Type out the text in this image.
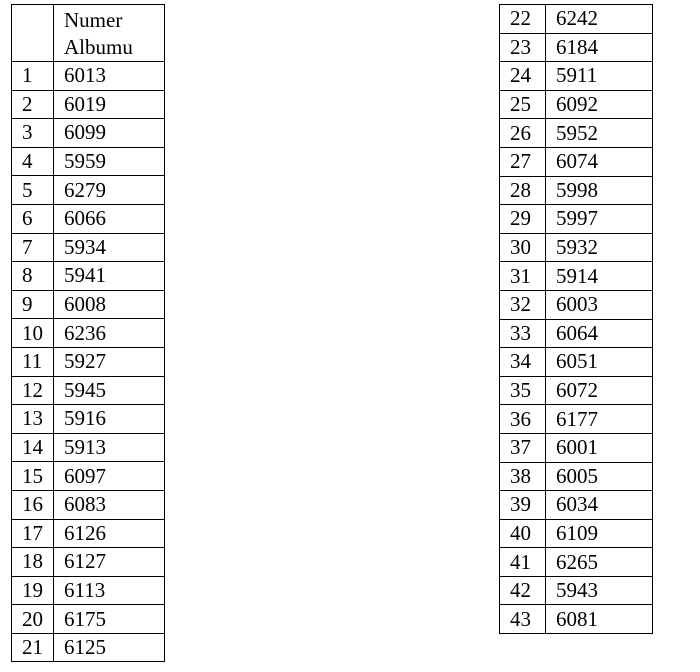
	Numer
Albumu

1	6013
2	6019
3	6099
4	5959
5	6279
6	6066
7	5934
8	5941
9	6008
10	6236
11	5927
12	5945
13	5916
14	5913
15	6097
16	6083
17	6126
18	6127
19	6113
20	6175
21	6125
22	6242
23	6184
24	5911
25	6092
26	5952
27	6074
28	5998
29	5997
30	5932
31	5914
32	6003
33	6064
34	6051
35	6072
36	6177
37	6001
38	6005
39	6034
40	6109
41	6265
42	5943
43	6081
